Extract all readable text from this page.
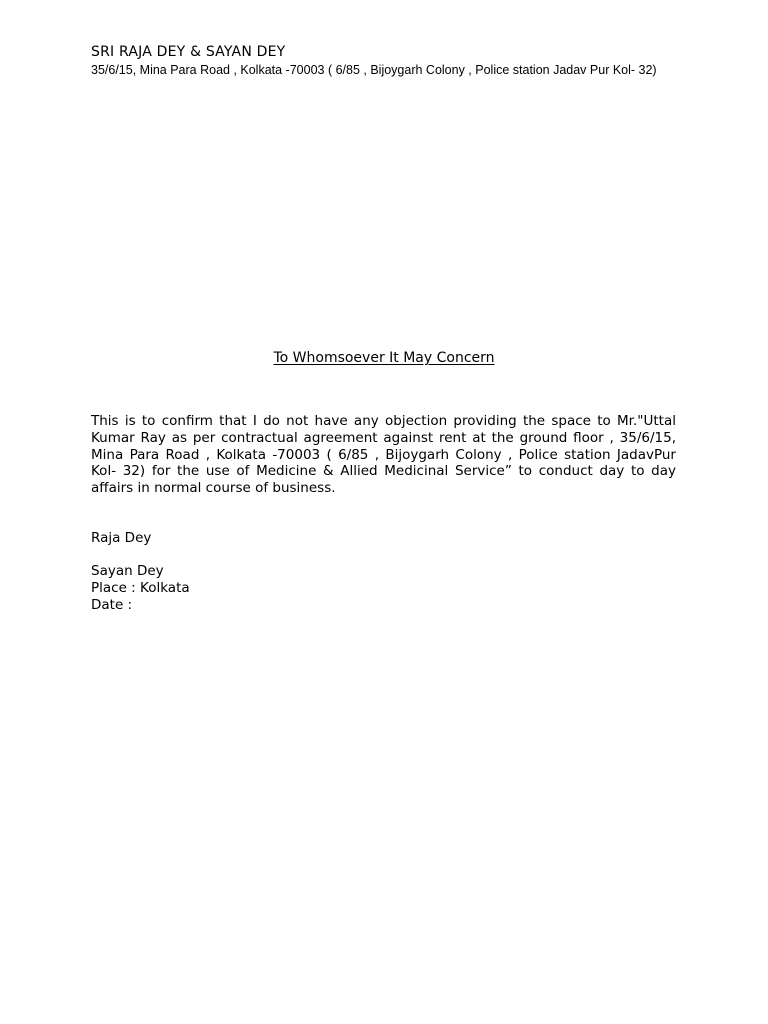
SRI RAJA DEY & SAYAN DEY
35/6/15, Mina Para Road , Kolkata -70003 ( 6/85 , Bijoygarh Colony , Police station Jadav Pur Kol- 32)
To Whomsoever It May Concern
This is to confirm that I do not have any objection providing the space to Mr."Uttal Kumar Ray as per contractual agreement against rent at the ground floor , 35/6/15, Mina Para Road , Kolkata -70003 ( 6/85 , Bijoygarh Colony , Police station JadavPur Kol- 32) for the use of Medicine & Allied Medicinal Service” to conduct day to day affairs in normal course of business.
Raja Dey
Sayan Dey
Place : Kolkata
Date :
